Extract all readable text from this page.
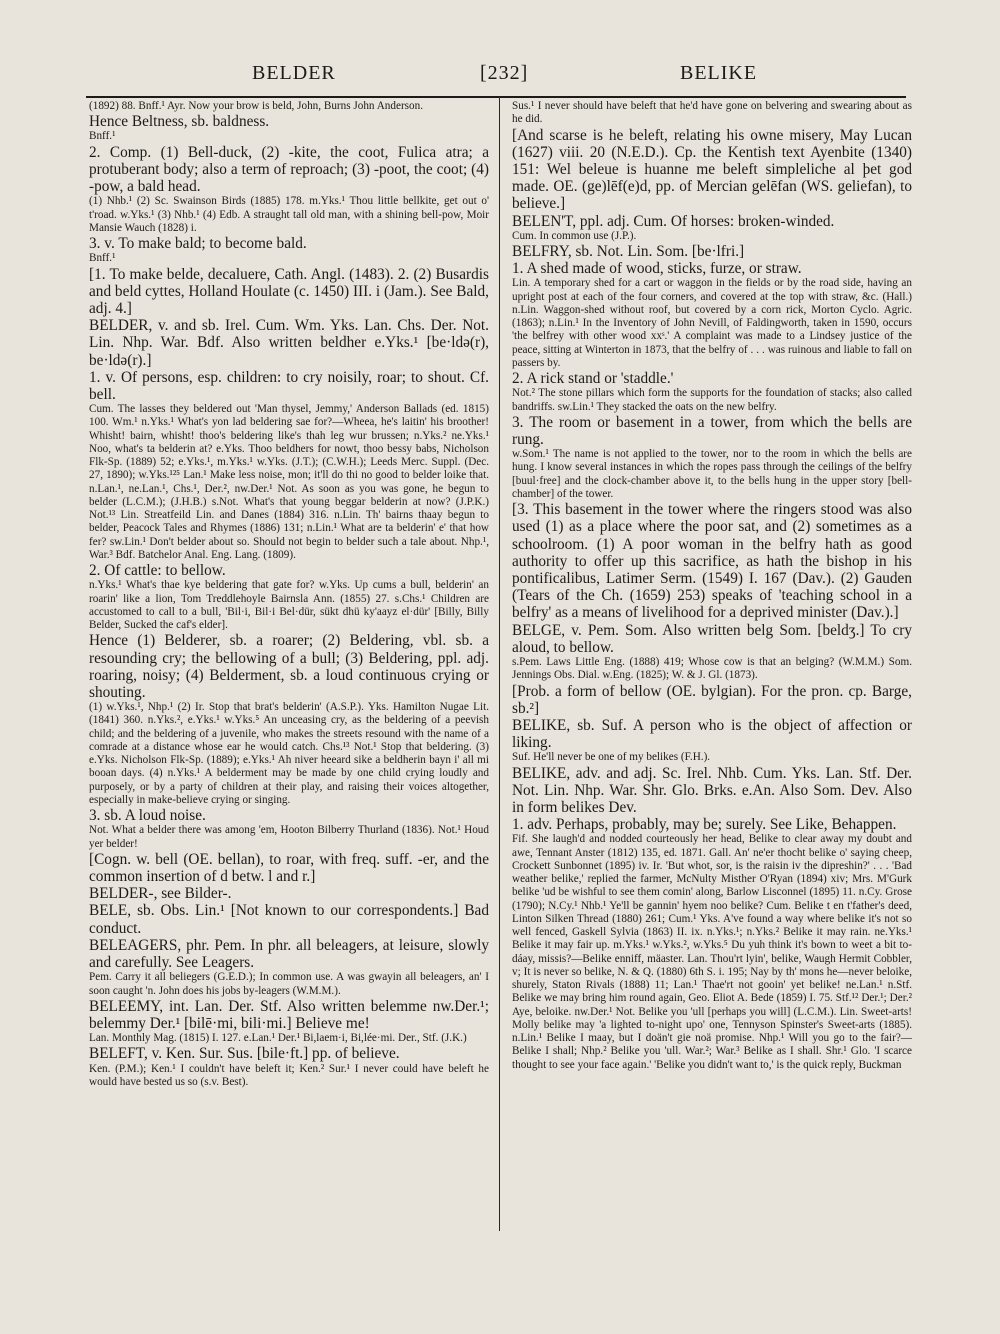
BELDER	[232]	BELIKE

(1892) 88. Bnff.¹ Ayr. Now your brow is beld, John, Burns John Anderson.

Hence Beltness, sb. baldness.

Bnff.¹

2. Comp. (1) Bell-duck, (2) -kite, the coot, Fulica atra; a protuberant body; also a term of reproach; (3) -poot, the coot; (4) -pow, a bald head.

(1) Nhb.¹ (2) Sc. Swainson Birds (1885) 178. m.Yks.¹ Thou little bellkite, get out o' t'road. w.Yks.¹ (3) Nhb.¹ (4) Edb. A straught tall old man, with a shining bell-pow, Moir Mansie Wauch (1828) i.

3. v. To make bald; to become bald.

Bnff.¹

[1. To make belde, decaluere, Cath. Angl. (1483). 2. (2) Busardis and beld cyttes, Holland Houlate (c. 1450) III. i (Jam.). See Bald, adj. 4.]

BELDER, v. and sb. Irel. Cum. Wm. Yks. Lan. Chs. Der. Not. Lin. Nhp. War. Bdf. Also written beldher e.Yks.¹ [be·ldə(r), be·ldə(r).]

1. v. Of persons, esp. children: to cry noisily, roar; to shout. Cf. bell.

Cum. The lasses they beldered out 'Man thysel, Jemmy,' Anderson Ballads (ed. 1815) 100. Wm.¹ n.Yks.¹ What's yon lad beldering sae for?—Wheea, he's laitin' his broother! Whisht! bairn, whisht! thoo's beldering like's thah leg wur brussen; n.Yks.² ne.Yks.¹ Noo, what's ta belderin at? e.Yks. Thoo beldhers for nowt, thoo bessy babs, Nicholson Flk-Sp. (1889) 52; e.Yks.¹, m.Yks.¹ w.Yks. (J.T.); (C.W.H.); Leeds Merc. Suppl. (Dec. 27, 1890); w.Yks.¹²⁵ Lan.¹ Make less noise, mon; it'll do thi no good to belder loike that. n.Lan.¹, ne.Lan.¹, Chs.¹, Der.², nw.Der.¹ Not. As soon as you was gone, he begun to belder (L.C.M.); (J.H.B.) s.Not. What's that young beggar belderin at now? (J.P.K.) Not.¹³ Lin. Streatfeild Lin. and Danes (1884) 316. n.Lin. Th' bairns thaay begun to belder, Peacock Tales and Rhymes (1886) 131; n.Lin.¹ What are ta belderin' e' that how fer? sw.Lin.¹ Don't belder about so. Should not begin to belder such a tale about. Nhp.¹, War.³ Bdf. Batchelor Anal. Eng. Lang. (1809).

2. Of cattle: to bellow.

n.Yks.¹ What's thae kye beldering that gate for? w.Yks. Up cums a bull, belderin' an roarin' like a lion, Tom Treddlehoyle Bairnsla Ann. (1855) 27. s.Chs.¹ Children are accustomed to call to a bull, 'Bil·i, Bil·i Bel·dür, sükt dhü ky'aayz el·dür' [Billy, Billy Belder, Sucked the caf's elder].

Hence (1) Belderer, sb. a roarer; (2) Beldering, vbl. sb. a resounding cry; the bellowing of a bull; (3) Beldering, ppl. adj. roaring, noisy; (4) Belderment, sb. a loud continuous crying or shouting.

(1) w.Yks.¹, Nhp.¹ (2) Ir. Stop that brat's belderin' (A.S.P.). Yks. Hamilton Nugae Lit. (1841) 360. n.Yks.², e.Yks.¹ w.Yks.⁵ An unceasing cry, as the beldering of a peevish child; and the beldering of a juvenile, who makes the streets resound with the name of a comrade at a distance whose ear he would catch. Chs.¹³ Not.¹ Stop that beldering. (3) e.Yks. Nicholson Flk-Sp. (1889); e.Yks.¹ Ah niver heeard sike a beldherin bayn i' all mi booan days. (4) n.Yks.¹ A belderment may be made by one child crying loudly and purposely, or by a party of children at their play, and raising their voices altogether, especially in make-believe crying or singing.

3. sb. A loud noise.

Not. What a belder there was among 'em, Hooton Bilberry Thurland (1836). Not.¹ Houd yer belder!

[Cogn. w. bell (OE. bellan), to roar, with freq. suff. -er, and the common insertion of d betw. l and r.]

BELDER-, see Bilder-.

BELE, sb. Obs. Lin.¹ [Not known to our correspondents.] Bad conduct.

BELEAGERS, phr. Pem. In phr. all beleagers, at leisure, slowly and carefully. See Leagers.

Pem. Carry it all beliegers (G.E.D.); In common use. A was gwayin all beleagers, an' I soon caught 'n. John does his jobs by-leagers (W.M.M.).

BELEEMY, int. Lan. Der. Stf. Also written belemme nw.Der.¹; belemmy Der.¹ [bilē·mi, bili·mi.] Believe me!

Lan. Monthly Mag. (1815) I. 127. e.Lan.¹ Der.¹ Bi,laem·i, Bi,lée·mi. Der., Stf. (J.K.)

BELEFT, v. Ken. Sur. Sus. [bile·ft.] pp. of believe.

Ken. (P.M.); Ken.¹ I couldn't have beleft it; Ken.² Sur.¹ I never could have beleft he would have bested us so (s.v. Best).

Sus.¹ I never should have beleft that he'd have gone on belvering and swearing about as he did.

[And scarse is he beleft, relating his owne misery, May Lucan (1627) viii. 20 (N.E.D.). Cp. the Kentish text Ayenbite (1340) 151: Wel beleue is huanne me beleft simpleliche al þet god made. OE. (ge)lēf(e)d, pp. of Mercian gelēfan (WS. geliefan), to believe.]

BELEN'T, ppl. adj. Cum. Of horses: broken-winded.

Cum. In common use (J.P.).

BELFRY, sb. Not. Lin. Som. [be·lfri.]

1. A shed made of wood, sticks, furze, or straw.

Lin. A temporary shed for a cart or waggon in the fields or by the road side, having an upright post at each of the four corners, and covered at the top with straw, &c. (Hall.) n.Lin. Waggon-shed without roof, but covered by a corn rick, Morton Cyclo. Agric. (1863); n.Lin.¹ In the Inventory of John Nevill, of Faldingworth, taken in 1590, occurs 'the belfrey with other wood xxˢ.' A complaint was made to a Lindsey justice of the peace, sitting at Winterton in 1873, that the belfry of . . . was ruinous and liable to fall on passers by.

2. A rick stand or 'staddle.'

Not.² The stone pillars which form the supports for the foundation of stacks; also called bandriffs. sw.Lin.¹ They stacked the oats on the new belfry.

3. The room or basement in a tower, from which the bells are rung.

w.Som.¹ The name is not applied to the tower, nor to the room in which the bells are hung. I know several instances in which the ropes pass through the ceilings of the belfry [buul·free] and the clock-chamber above it, to the bells hung in the upper story [bell-chamber] of the tower.

[3. This basement in the tower where the ringers stood was also used (1) as a place where the poor sat, and (2) sometimes as a schoolroom. (1) A poor woman in the belfry hath as good authority to offer up this sacrifice, as hath the bishop in his pontificalibus, Latimer Serm. (1549) I. 167 (Dav.). (2) Gauden (Tears of the Ch. (1659) 253) speaks of 'teaching school in a belfry' as a means of livelihood for a deprived minister (Dav.).]

BELGE, v. Pem. Som. Also written belg Som. [beldʒ.] To cry aloud, to bellow.

s.Pem. Laws Little Eng. (1888) 419; Whose cow is that an belging? (W.M.M.) Som. Jennings Obs. Dial. w.Eng. (1825); W. & J. Gl. (1873).

[Prob. a form of bellow (OE. bylgian). For the pron. cp. Barge, sb.²]

BELIKE, sb. Suf. A person who is the object of affection or liking.

Suf. He'll never be one of my belikes (F.H.).

BELIKE, adv. and adj. Sc. Irel. Nhb. Cum. Yks. Lan. Stf. Der. Not. Lin. Nhp. War. Shr. Glo. Brks. e.An. Also Som. Dev. Also in form belikes Dev.

1. adv. Perhaps, probably, may be; surely. See Like, Behappen.

Fif. She laugh'd and nodded courteously her head, Belike to clear away my doubt and awe, Tennant Anster (1812) 135, ed. 1871. Gall. An' ne'er thocht belike o' saying cheep, Crockett Sunbonnet (1895) iv. Ir. 'But whot, sor, is the raisin iv the dipreshin?' . . . 'Bad weather belike,' replied the farmer, McNulty Misther O'Ryan (1894) xiv; Mrs. M'Gurk belike 'ud be wishful to see them comin' along, Barlow Lisconnel (1895) 11. n.Cy. Grose (1790); N.Cy.¹ Nhb.¹ Ye'll be gannin' hyem noo belike? Cum. Belike t en t'father's deed, Linton Silken Thread (1880) 261; Cum.¹ Yks. A've found a way where belike it's not so well fenced, Gaskell Sylvia (1863) II. ix. n.Yks.¹; n.Yks.² Belike it may rain. ne.Yks.¹ Belike it may fair up. m.Yks.¹ w.Yks.², w.Yks.⁵ Du yuh think it's bown to weet a bit to-dáay, missis?—Belike enniff, mäaster. Lan. Thou'rt lyin', belike, Waugh Hermit Cobbler, v; It is never so belike, N. & Q. (1880) 6th S. i. 195; Nay by th' mons he—never beloike, shurely, Staton Rivals (1888) 11; Lan.¹ Thae'rt not gooin' yet belike! ne.Lan.¹ n.Stf. Belike we may bring him round again, Geo. Eliot A. Bede (1859) I. 75. Stf.¹² Der.¹; Der.² Aye, beloike. nw.Der.¹ Not. Belike you 'ull [perhaps you will] (L.C.M.). Lin. Sweet-arts! Molly belike may 'a lighted to-night upo' one, Tennyson Spinster's Sweet-arts (1885). n.Lin.¹ Belike I maay, but I doän't gie noä promise. Nhp.¹ Will you go to the fair?—Belike I shall; Nhp.² Belike you 'ull. War.²; War.³ Belike as I shall. Shr.¹ Glo. 'I scarce thought to see your face again.' 'Belike you didn't want to,' is the quick reply, Buckman
